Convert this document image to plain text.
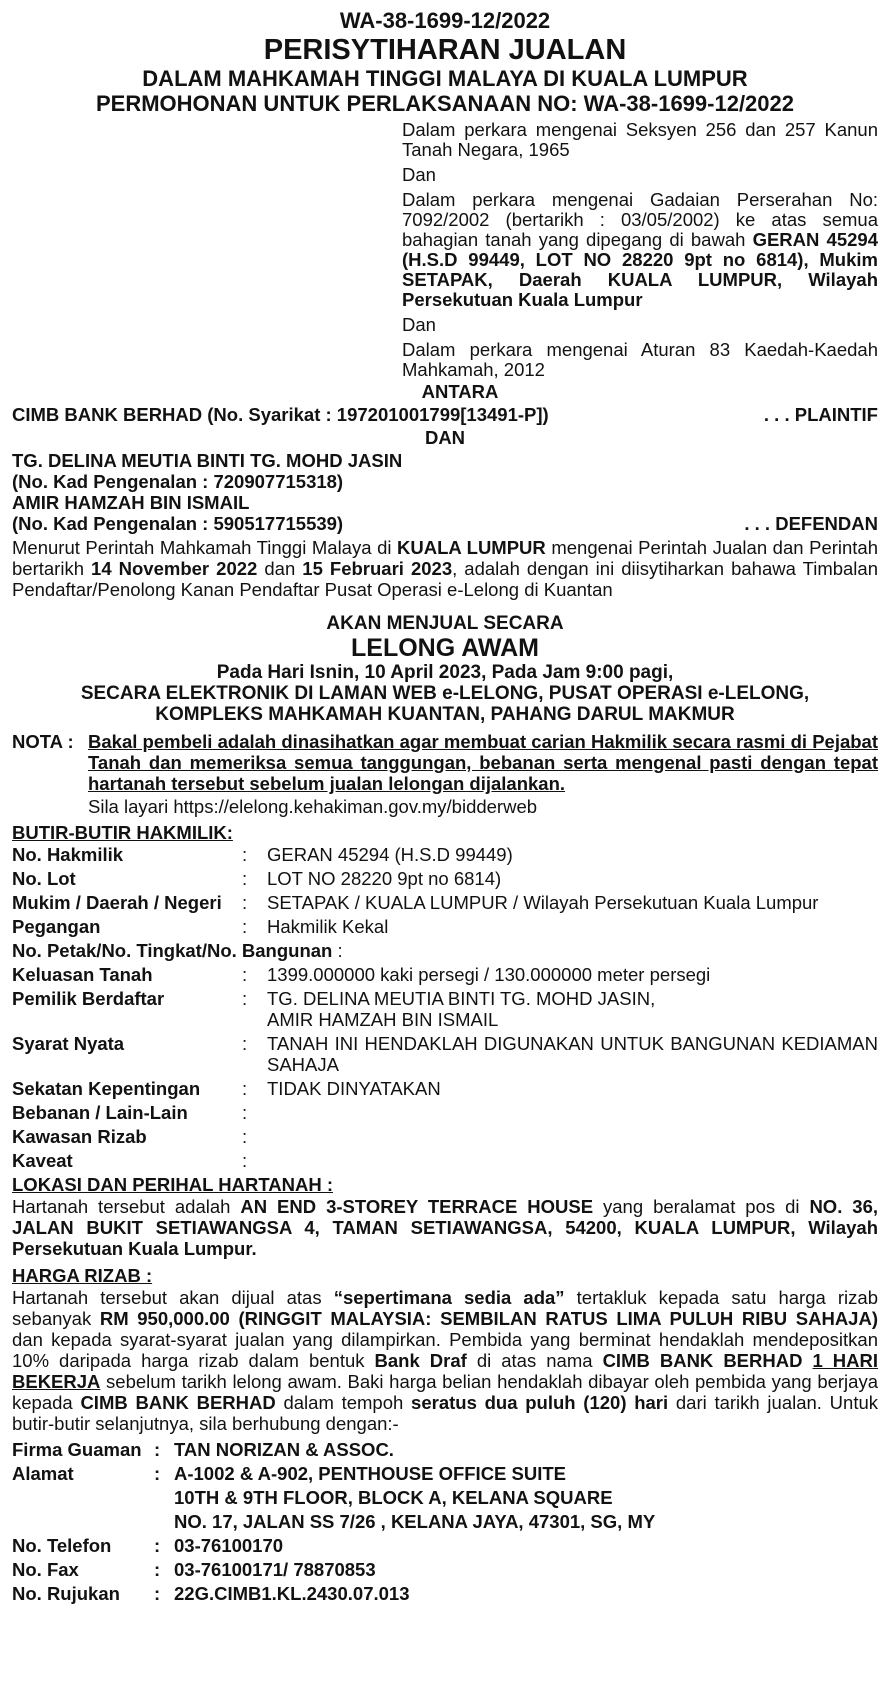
WA-38-1699-12/2022
PERISYTIHARAN JUALAN
DALAM MAHKAMAH TINGGI MALAYA DI KUALA LUMPUR
PERMOHONAN UNTUK PERLAKSANAAN NO: WA-38-1699-12/2022

Dalam perkara mengenai Seksyen 256 dan 257 Kanun Tanah Negara, 1965

Dan

Dalam perkara mengenai Gadaian Perserahan No: 7092/2002 (bertarikh : 03/05/2002) ke atas semua bahagian tanah yang dipegang di bawah GERAN 45294 (H.S.D 99449, LOT NO 28220 9pt no 6814), Mukim SETAPAK, Daerah KUALA LUMPUR, Wilayah Persekutuan Kuala Lumpur

Dan

Dalam perkara mengenai Aturan 83 Kaedah-Kaedah Mahkamah, 2012

ANTARA
CIMB BANK BERHAD (No. Syarikat : 197201001799[13491-P])	. . . PLAINTIF
DAN
TG. DELINA MEUTIA BINTI TG. MOHD JASIN
(No. Kad Pengenalan : 720907715318)
AMIR HAMZAH BIN ISMAIL
(No. Kad Pengenalan : 590517715539)	. . . DEFENDAN
Menurut Perintah Mahkamah Tinggi Malaya di KUALA LUMPUR mengenai Perintah Jualan dan Perintah bertarikh 14 November 2022 dan 15 Februari 2023, adalah dengan ini diisytiharkan bahawa Timbalan Pendaftar/Penolong Kanan Pendaftar Pusat Operasi e-Lelong di Kuantan
AKAN MENJUAL SECARA
LELONG AWAM
Pada Hari Isnin, 10 April 2023, Pada Jam 9:00 pagi,
SECARA ELEKTRONIK DI LAMAN WEB e-LELONG, PUSAT OPERASI e-LELONG,
KOMPLEKS MAHKAMAH KUANTAN, PAHANG DARUL MAKMUR
NOTA : Bakal pembeli adalah dinasihatkan agar membuat carian Hakmilik secara rasmi di Pejabat Tanah dan memeriksa semua tanggungan, bebanan serta mengenal pasti dengan tepat hartanah tersebut sebelum jualan lelongan dijalankan.
Sila layari https://elelong.kehakiman.gov.my/bidderweb
BUTIR-BUTIR HAKMILIK:
No. Hakmilik	:	GERAN 45294 (H.S.D 99449)
No. Lot	:	LOT NO 28220 9pt no 6814)
Mukim / Daerah / Negeri	:	SETAPAK / KUALA LUMPUR / Wilayah Persekutuan Kuala Lumpur
Pegangan	:	Hakmilik Kekal
No. Petak/No. Tingkat/No. Bangunan :
Keluasan Tanah	:	1399.000000 kaki persegi / 130.000000 meter persegi
Pemilik Berdaftar	:	TG. DELINA MEUTIA BINTI TG. MOHD JASIN,
AMIR HAMZAH BIN ISMAIL
Syarat Nyata	:	TANAH INI HENDAKLAH DIGUNAKAN UNTUK BANGUNAN KEDIAMAN SAHAJA
Sekatan Kepentingan	:	TIDAK DINYATAKAN
Bebanan / Lain-Lain	:
Kawasan Rizab	:
Kaveat	:
LOKASI DAN PERIHAL HARTANAH :
Hartanah tersebut adalah AN END 3-STOREY TERRACE HOUSE yang beralamat pos di NO. 36, JALAN BUKIT SETIAWANGSA 4, TAMAN SETIAWANGSA, 54200, KUALA LUMPUR, Wilayah Persekutuan Kuala Lumpur.
HARGA RIZAB :
Hartanah tersebut akan dijual atas “sepertimana sedia ada” tertakluk kepada satu harga rizab sebanyak RM 950,000.00 (RINGGIT MALAYSIA: SEMBILAN RATUS LIMA PULUH RIBU SAHAJA) dan kepada syarat-syarat jualan yang dilampirkan. Pembida yang berminat hendaklah mendepositkan 10% daripada harga rizab dalam bentuk Bank Draf di atas nama CIMB BANK BERHAD 1 HARI BEKERJA sebelum tarikh lelong awam. Baki harga belian hendaklah dibayar oleh pembida yang berjaya kepada CIMB BANK BERHAD dalam tempoh seratus dua puluh (120) hari dari tarikh jualan. Untuk butir-butir selanjutnya, sila berhubung dengan:-
Firma Guaman : TAN NORIZAN & ASSOC.
Alamat	: A-1002 & A-902, PENTHOUSE OFFICE SUITE
10TH & 9TH FLOOR, BLOCK A, KELANA SQUARE
NO. 17, JALAN SS 7/26 , KELANA JAYA, 47301, SG, MY
No. Telefon	: 03-76100170
No. Fax	: 03-76100171/ 78870853
No. Rujukan	: 22G.CIMB1.KL.2430.07.013
